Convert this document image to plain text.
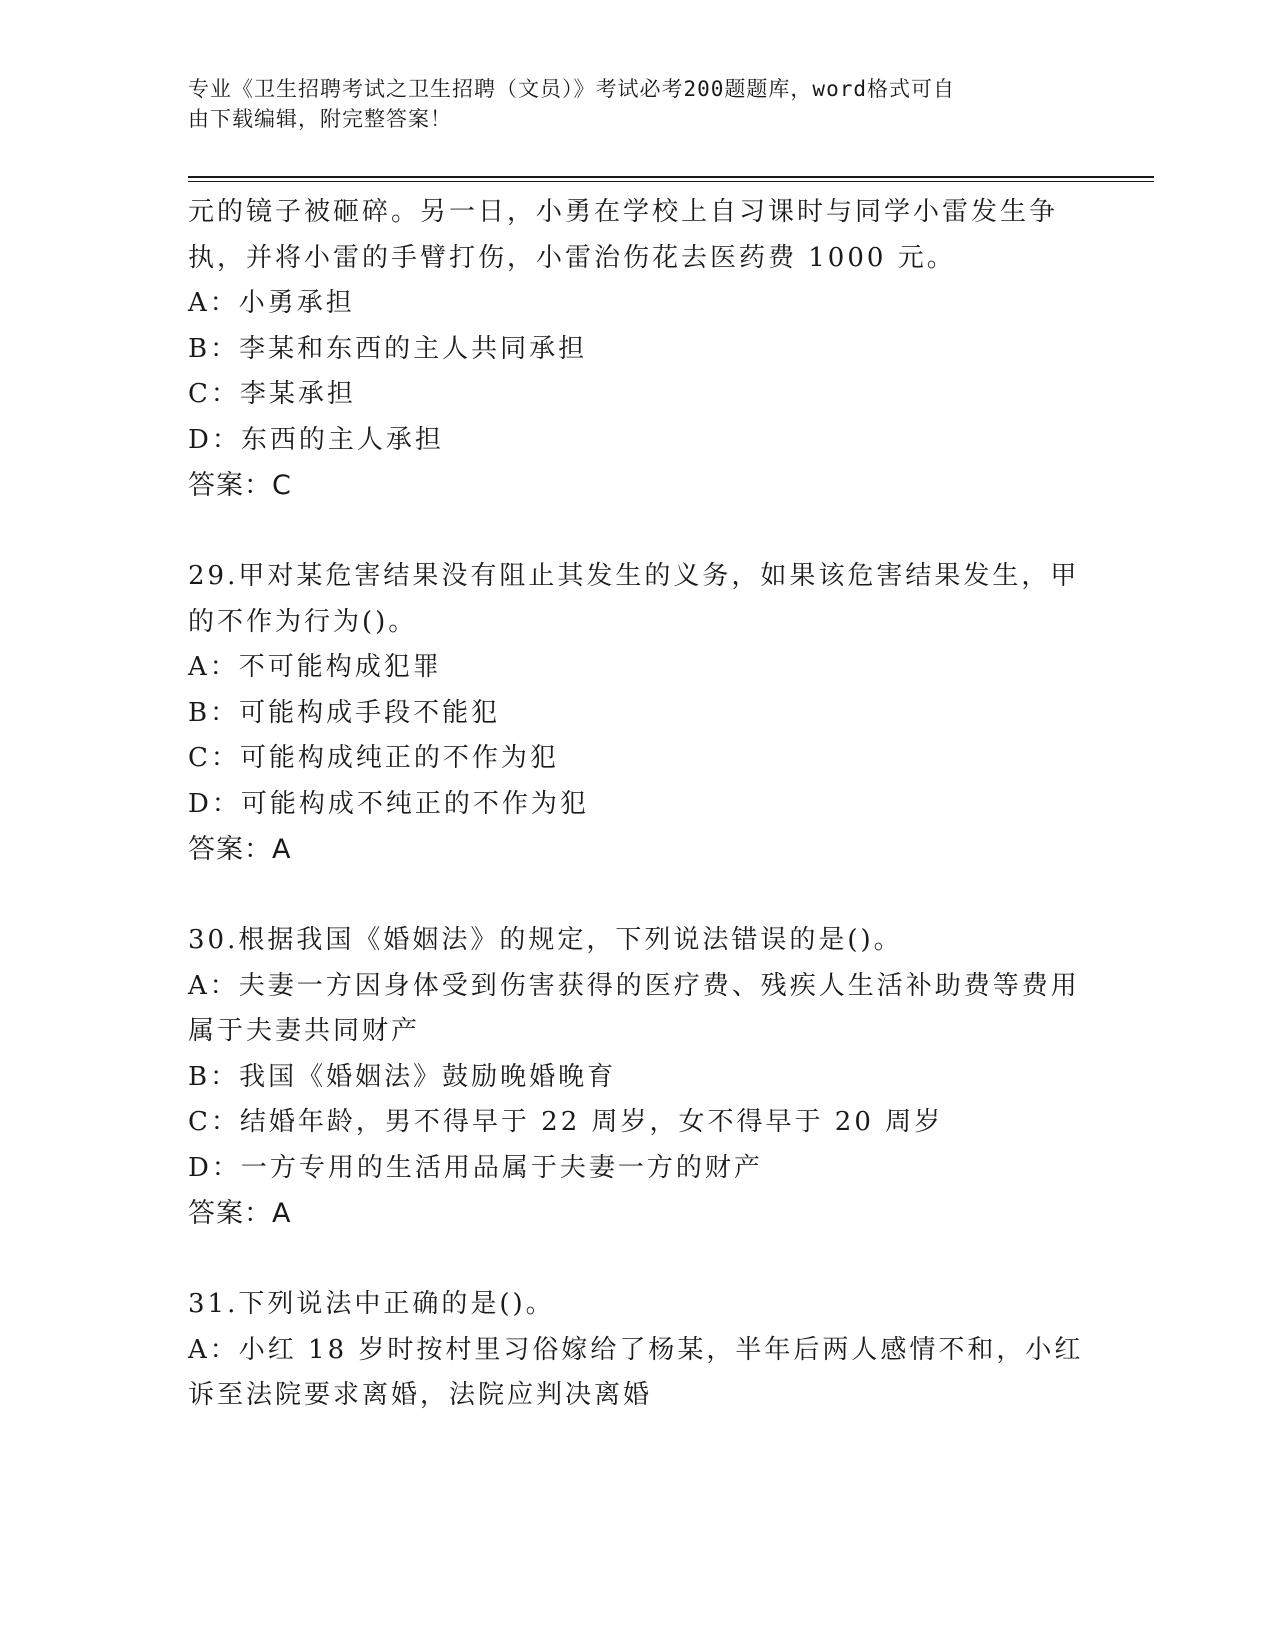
专业《卫生招聘考试之卫生招聘（文员）》考试必考200题题库，word格式可自
由下载编辑，附完整答案！
元的镜子被砸碎。另一日，小勇在学校上自习课时与同学小雷发生争
执，并将小雷的手臂打伤，小雷治伤花去医药费 1000 元。
A：小勇承担
B：李某和东西的主人共同承担
C：李某承担
D：东西的主人承担
答案：C
29.甲对某危害结果没有阻止其发生的义务，如果该危害结果发生，甲
的不作为行为()。
A：不可能构成犯罪
B：可能构成手段不能犯
C：可能构成纯正的不作为犯
D：可能构成不纯正的不作为犯
答案：A
30.根据我国《婚姻法》的规定，下列说法错误的是()。
A：夫妻一方因身体受到伤害获得的医疗费、残疾人生活补助费等费用
属于夫妻共同财产
B：我国《婚姻法》鼓励晚婚晚育
C：结婚年龄，男不得早于 22 周岁，女不得早于 20 周岁
D：一方专用的生活用品属于夫妻一方的财产
答案：A
31.下列说法中正确的是()。
A：小红 18 岁时按村里习俗嫁给了杨某，半年后两人感情不和，小红
诉至法院要求离婚，法院应判决离婚
